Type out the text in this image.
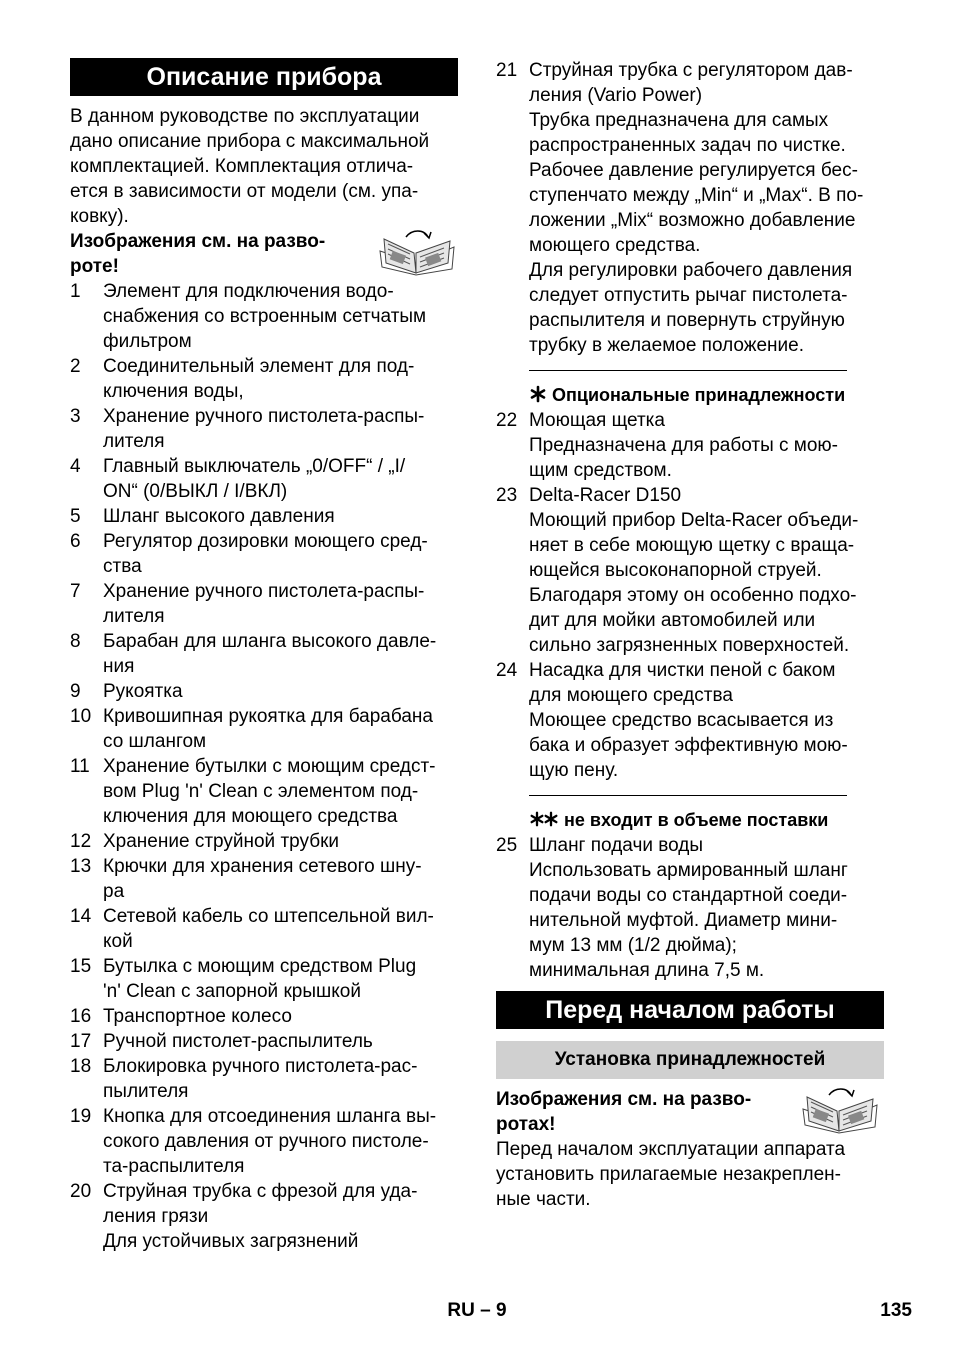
Описание прибора
В данном руководстве по эксплуатации
дано описание прибора с максимальной
комплектацией. Комплектация отлича-
ется в зависимости от модели (см. упа-
ковку).
Изображения см. на разво-
роте!
1	Элемент для подключения водо-
снабжения со встроенным сетчатым
фильтром
2	Соединительный элемент для под-
ключения воды,
3	Хранение ручного пистолета-распы-
лителя
4	Главный выключатель „0/OFF“ / „I/
ON“ (0/ВЫКЛ / I/ВКЛ)
5	Шланг высокого давления
6	Регулятор дозировки моющего сред-
ства
7	Хранение ручного пистолета-распы-
лителя
8	Барабан для шланга высокого давле-
ния
9	Рукоятка
10 Кривошипная рукоятка для барабана
со шлангом
11 Хранение бутылки с моющим средст-
вом Plug 'n' Clean с элементом под-
ключения для моющего средства
12 Хранение струйной трубки
13 Крючки для хранения сетевого шну-
ра
14 Сетевой кабель со штепсельной вил-
кой
15 Бутылка с моющим средством Plug
'n' Clean с запорной крышкой
16 Транспортное колесо
17 Ручной пистолет-распылитель
18 Блокировка ручного пистолета-рас-
пылителя
19 Кнопка для отсоединения шланга вы-
сокого давления от ручного пистоле-
та-распылителя
20 Струйная трубка с фрезой для уда-
ления грязи
Для устойчивых загрязнений
21 Струйная трубка с регулятором дав-
ления (Vario Power)
Трубка предназначена для самых
распространенных задач по чистке.
Рабочее давление регулируется бес-
ступенчато между „Min“ и „Max“. В по-
ложении „Mix“ возможно добавление
моющего средства.
Для регулировки рабочего давления
следует отпустить рычаг пистолета-
распылителя и повернуть струйную
трубку в желаемое положение.
Опциональные принадлежности
22 Моющая щетка
Предназначена для работы с мою-
щим средством.
23 Delta-Racer D150
Моющий прибор Delta-Racer объеди-
няет в себе моющую щетку с враща-
ющейся высоконапорной струей.
Благодаря этому он особенно подхо-
дит для мойки автомобилей или
сильно загрязненных поверхностей.
24 Насадка для чистки пеной с баком
для моющего средства
Моющее средство всасывается из
бака и образует эффективную мою-
щую пену.
не входит в объеме поставки
25 Шланг подачи воды
Использовать армированный шланг
подачи воды со стандартной соеди-
нительной муфтой. Диаметр мини-
мум 13 мм (1/2 дюйма);
минимальная длина 7,5 м.
Перед началом работы
Установка принадлежностей
Изображения см. на разво-
ротах!
Перед началом эксплуатации аппарата
установить прилагаемые незакреплен-
ные части.
RU – 9	135
